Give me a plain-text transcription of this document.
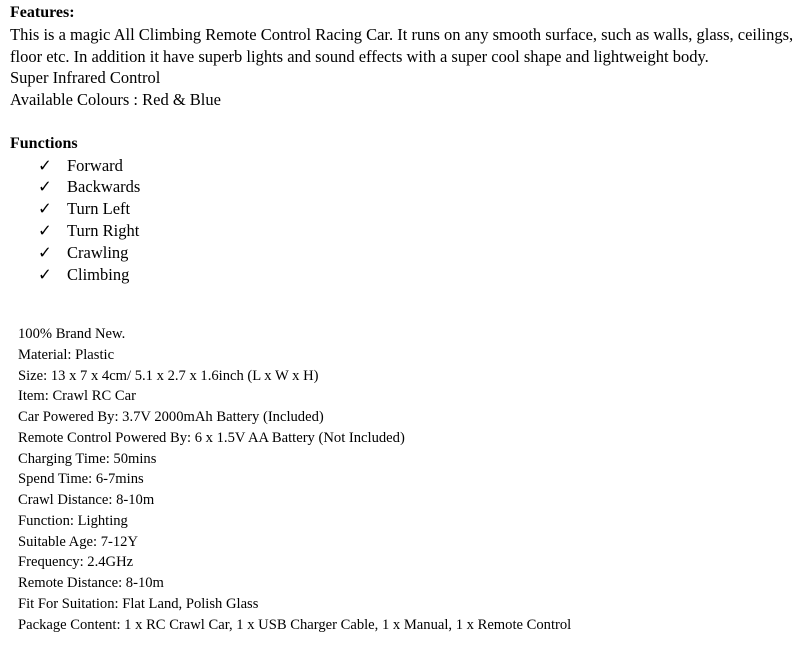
Features:
This is a magic All Climbing Remote Control Racing Car. It runs on any smooth surface, such as walls, glass, ceilings, floor etc. In addition it have superb lights and sound effects with a super cool shape and lightweight body.
Super Infrared Control
Available Colours : Red & Blue
Functions
✓ Forward
✓ Backwards
✓ Turn Left
✓ Turn Right
✓ Crawling
✓ Climbing
100% Brand New.
Material: Plastic
Size: 13 x 7 x 4cm/ 5.1 x 2.7 x 1.6inch (L x W x H)
Item: Crawl RC Car
Car Powered By: 3.7V 2000mAh Battery (Included)
Remote Control Powered By: 6 x 1.5V AA Battery (Not Included)
Charging Time: 50mins
Spend Time: 6-7mins
Crawl Distance: 8-10m
Function: Lighting
Suitable Age: 7-12Y
Frequency: 2.4GHz
Remote Distance: 8-10m
Fit For Suitation: Flat Land, Polish Glass
Package Content: 1 x RC Crawl Car, 1 x USB Charger Cable, 1 x Manual, 1 x Remote Control
